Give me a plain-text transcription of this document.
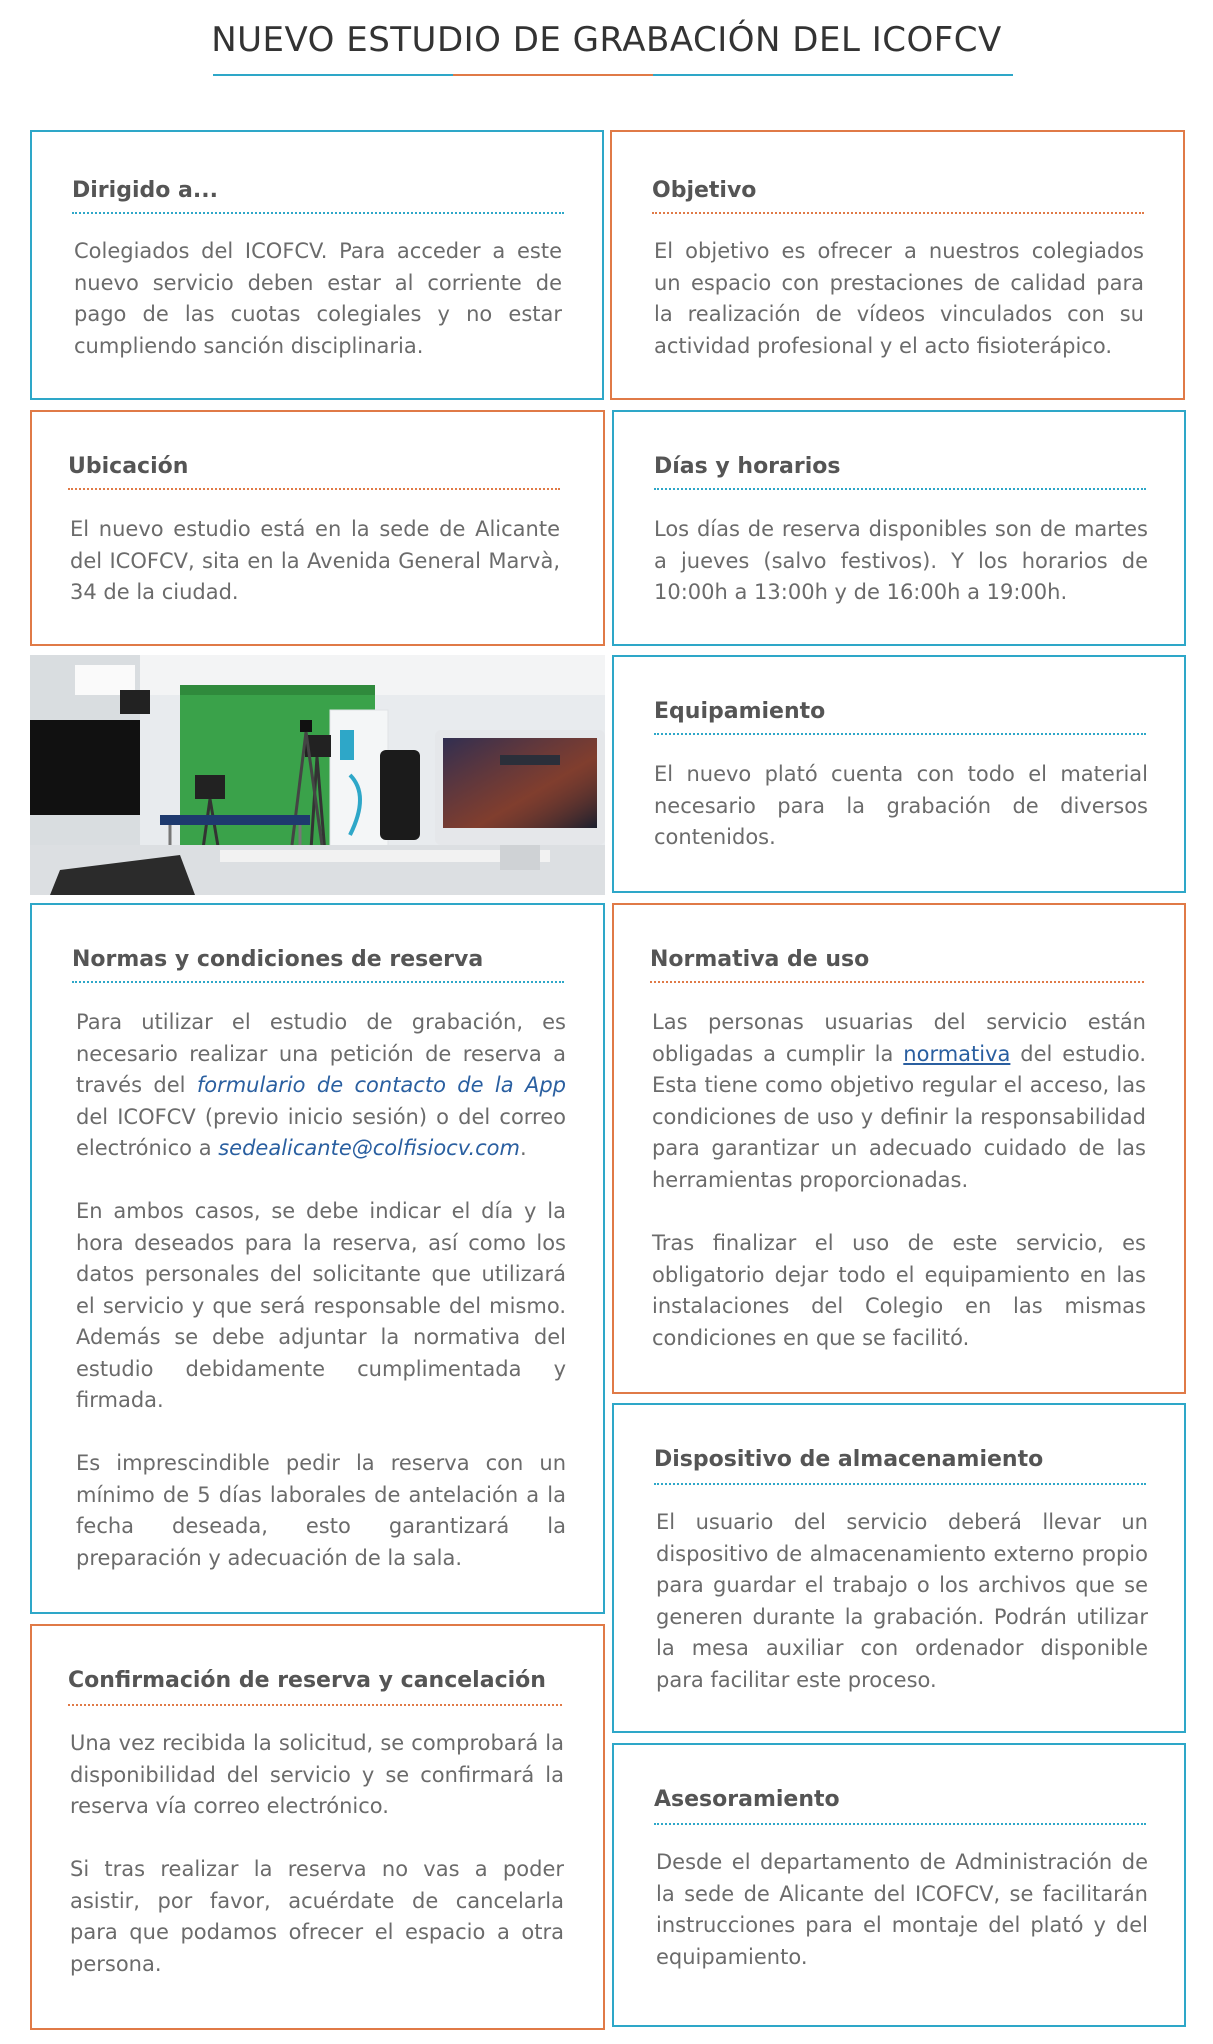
NUEVO ESTUDIO DE GRABACIÓN DEL ICOFCV
Dirigido a...

Colegiados del ICOFCV. Para acceder a este nuevo servicio deben estar al corriente de pago de las cuotas colegiales y no estar cumpliendo sanción disciplinaria.

Objetivo

El objetivo es ofrecer a nuestros colegiados un espacio con prestaciones de calidad para la realización de vídeos vinculados con su actividad profesional y el acto fisioterápico.

Ubicación

El nuevo estudio está en la sede de Alicante del ICOFCV, sita en la Avenida General Marvà, 34 de la ciudad.

Días y horarios

Los días de reserva disponibles son de martes a jueves (salvo festivos). Y los horarios de 10:00h a 13:00h y de 16:00h a 19:00h.

Equipamiento

El nuevo plató cuenta con todo el material necesario para la grabación de diversos contenidos.

Normas y condiciones de reserva

Para utilizar el estudio de grabación, es necesario realizar una petición de reserva a través del formulario de contacto de la App del ICOFCV (previo inicio sesión) o del correo electrónico a sedealicante@colfisiocv.com.

En ambos casos, se debe indicar el día y la hora deseados para la reserva, así como los datos personales del solicitante que utilizará el servicio y que será responsable del mismo. Además se debe adjuntar la normativa del estudio debidamente cumplimentada y firmada.

Es imprescindible pedir la reserva con un mínimo de 5 días laborales de antelación a la fecha deseada, esto garantizará la preparación y adecuación de la sala.

Normativa de uso

Las personas usuarias del servicio están obligadas a cumplir la normativa del estudio. Esta tiene como objetivo regular el acceso, las condiciones de uso y definir la responsabilidad para garantizar un adecuado cuidado de las herramientas proporcionadas.

Tras finalizar el uso de este servicio, es obligatorio dejar todo el equipamiento en las instalaciones del Colegio en las mismas condiciones en que se facilitó.

Dispositivo de almacenamiento

El usuario del servicio deberá llevar un dispositivo de almacenamiento externo propio para guardar el trabajo o los archivos que se generen durante la grabación. Podrán utilizar la mesa auxiliar con ordenador disponible para facilitar este proceso.

Confirmación de reserva y cancelación

Una vez recibida la solicitud, se comprobará la disponibilidad del servicio y se confirmará la reserva vía correo electrónico.

Si tras realizar la reserva no vas a poder asistir, por favor, acuérdate de cancelarla para que podamos ofrecer el espacio a otra persona.

Asesoramiento

Desde el departamento de Administración de la sede de Alicante del ICOFCV, se facilitarán instrucciones para el montaje del plató y del equipamiento.
